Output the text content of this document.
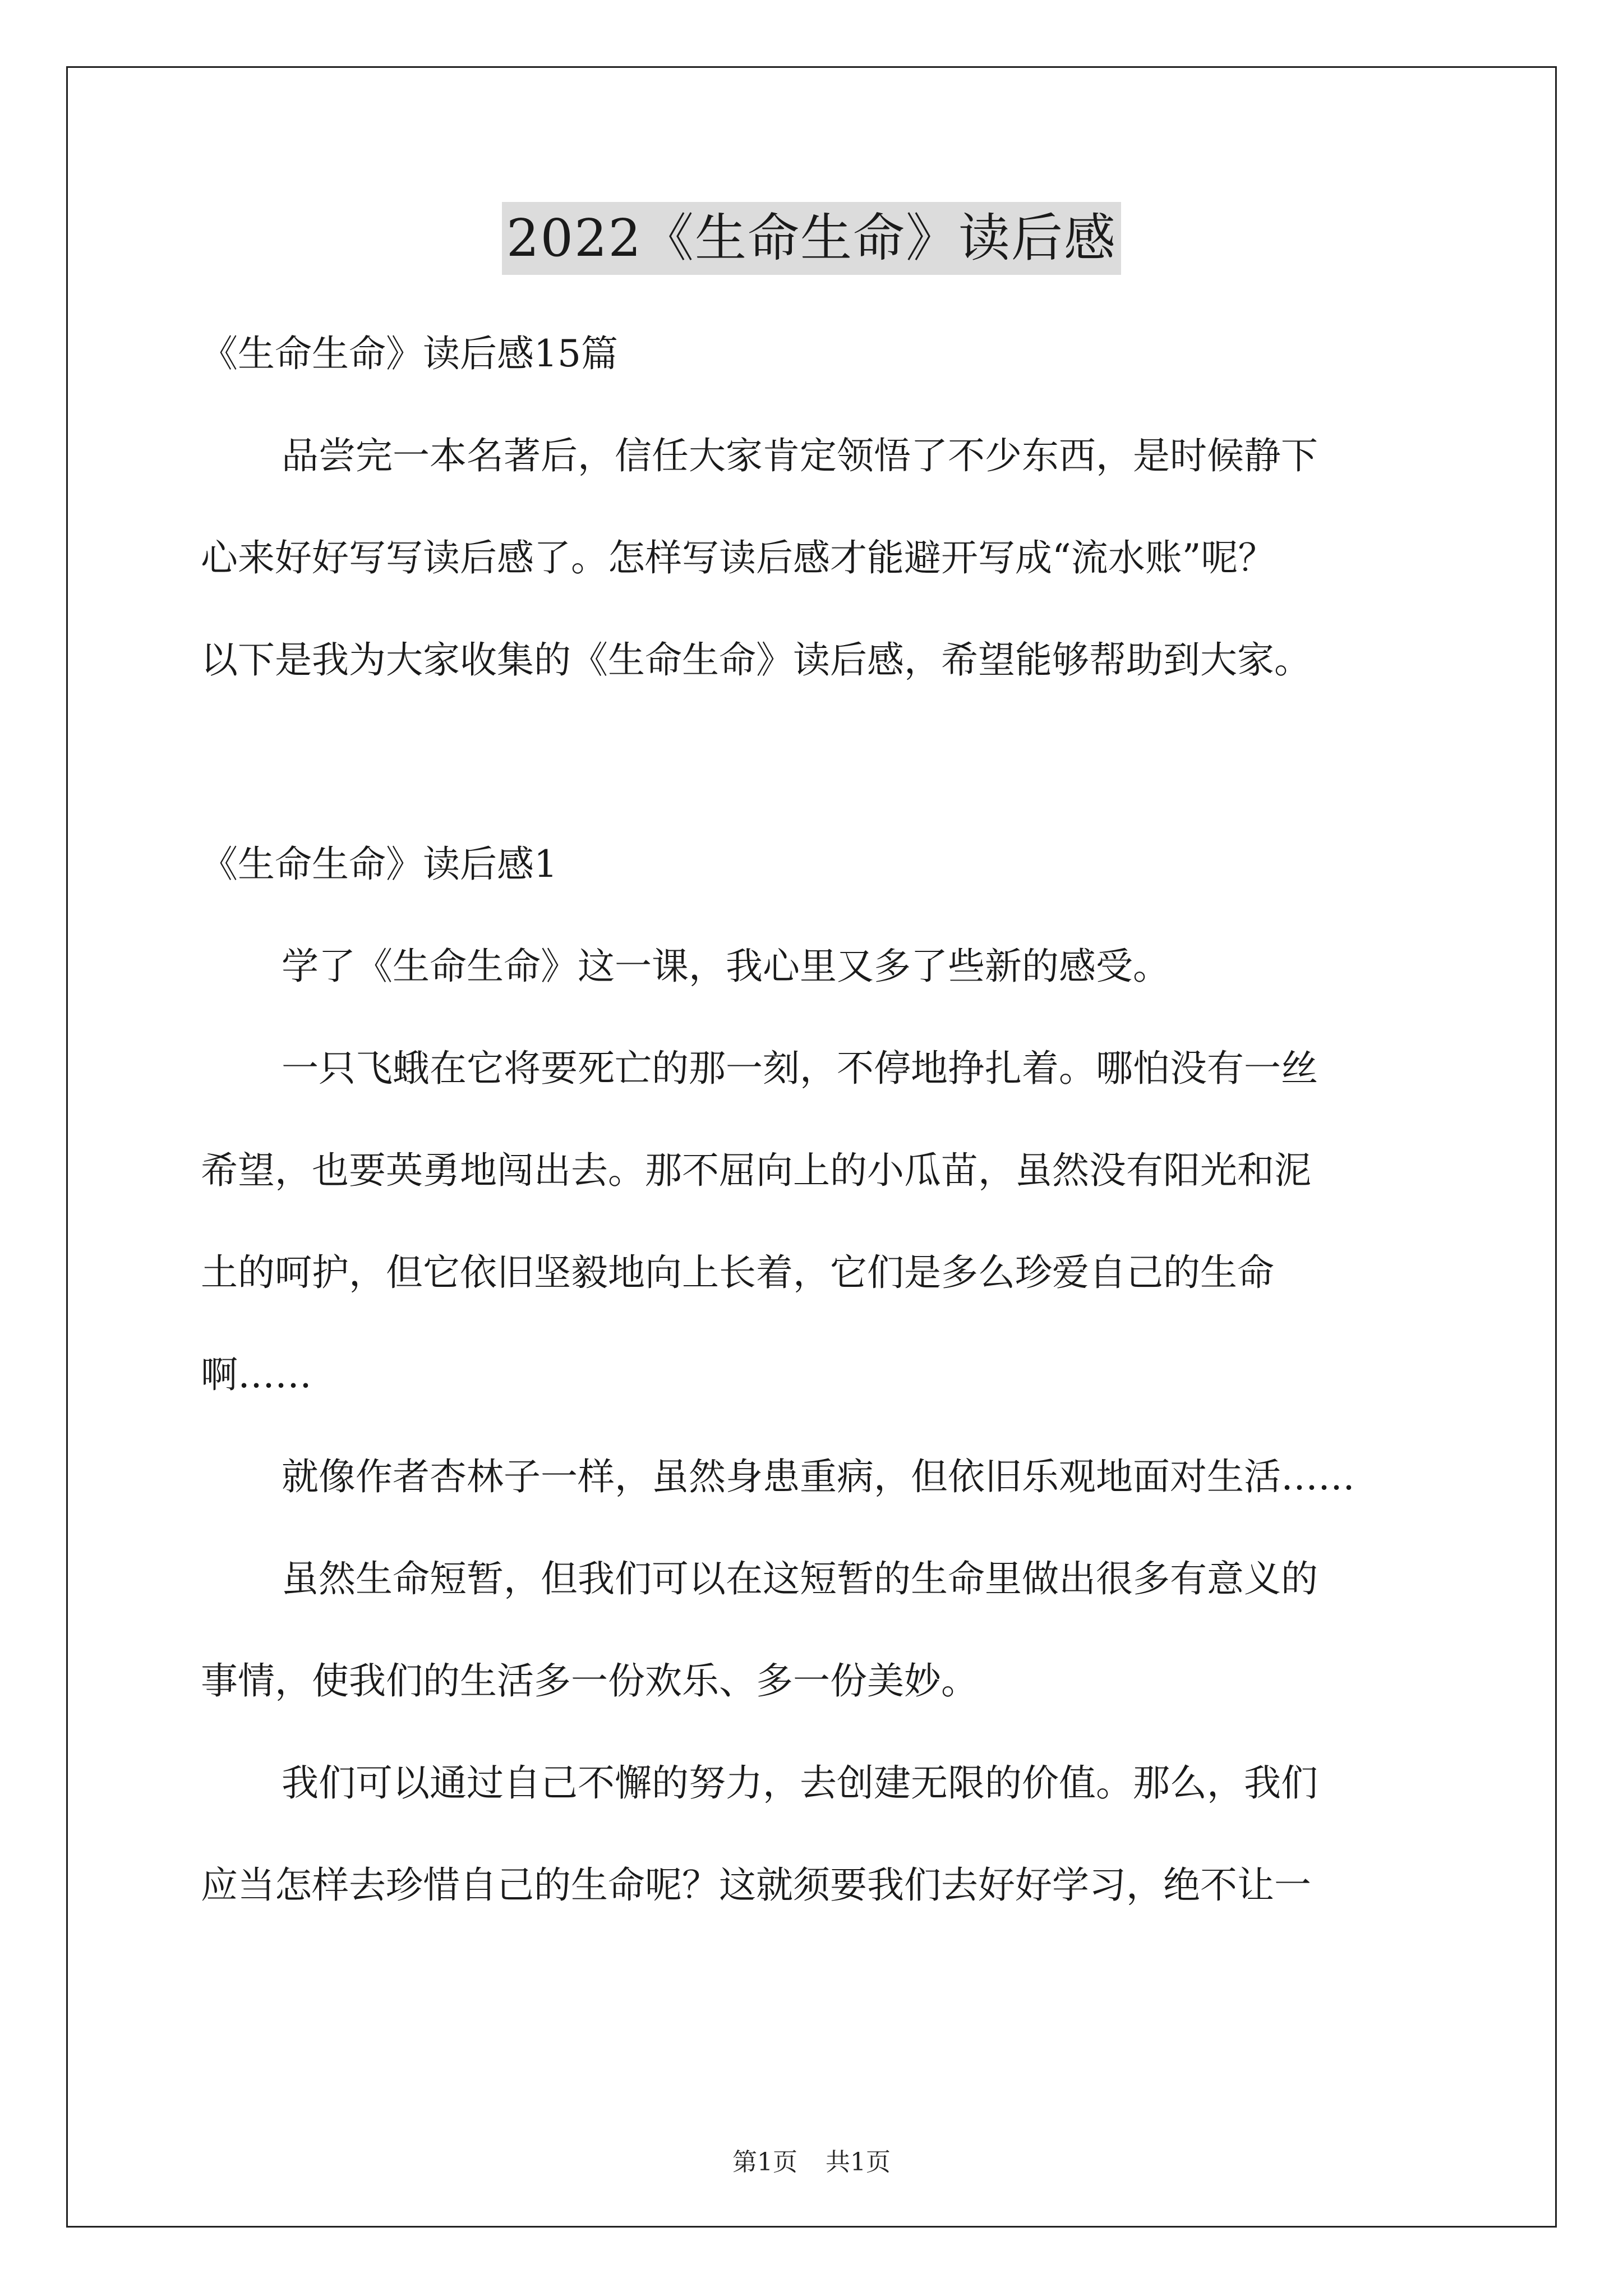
2022《生命生命》读后感
《生命生命》读后感15篇
品尝完一本名著后，信任大家肯定领悟了不少东西，是时候静下
心来好好写写读后感了。怎样写读后感才能避开写成“流水账”呢？
以下是我为大家收集的《生命生命》读后感，希望能够帮助到大家。
《生命生命》读后感1
学了《生命生命》这一课，我心里又多了些新的感受。
一只飞蛾在它将要死亡的那一刻，不停地挣扎着。哪怕没有一丝
希望，也要英勇地闯出去。那不屈向上的小瓜苗，虽然没有阳光和泥
土的呵护，但它依旧坚毅地向上长着，它们是多么珍爱自己的生命
啊……
就像作者杏林子一样，虽然身患重病，但依旧乐观地面对生活……
虽然生命短暂，但我们可以在这短暂的生命里做出很多有意义的
事情，使我们的生活多一份欢乐、多一份美妙。
我们可以通过自己不懈的努力，去创建无限的价值。那么，我们
应当怎样去珍惜自己的生命呢？这就须要我们去好好学习，绝不让一
第1页 共1页
